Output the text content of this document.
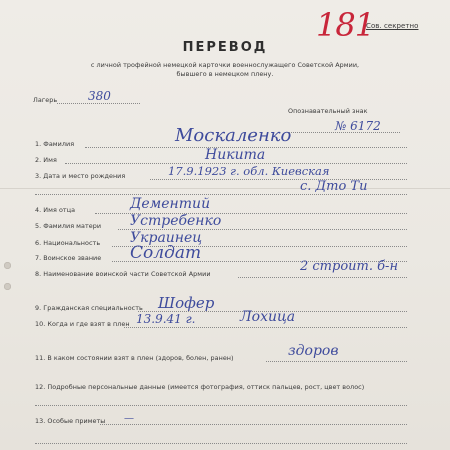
181
Сов. секретно
ПЕРЕВОД
с личной трофейной немецкой карточки военнослужащего Советской Армии,
бывшего в немецком плену.
Лагерь	380
Опознавательный знак
№ 6172
1. Фамилия	Москаленко
2. Имя	Никита
3. Дата и место рождения	17.9.1923 г. обл. Киевская
с. Дто Ти
4. Имя отца	Дементий
5. Фамилия матери Устребенко
6. Национальность Украинец
7. Воинское звание Солдат
8. Наименование воинской части Советской Армии	2 строит. б-н
9. Гражданская специальность Шофер
10. Когда и где взят в плен 13.9.41 г.	Лохица
11. В каком состоянии взят в плен (здоров, болен, ранен)	здоров
12. Подробные персональные данные (имеется фотография, оттиск пальцев, рост, цвет волос)
13. Особые приметы —
